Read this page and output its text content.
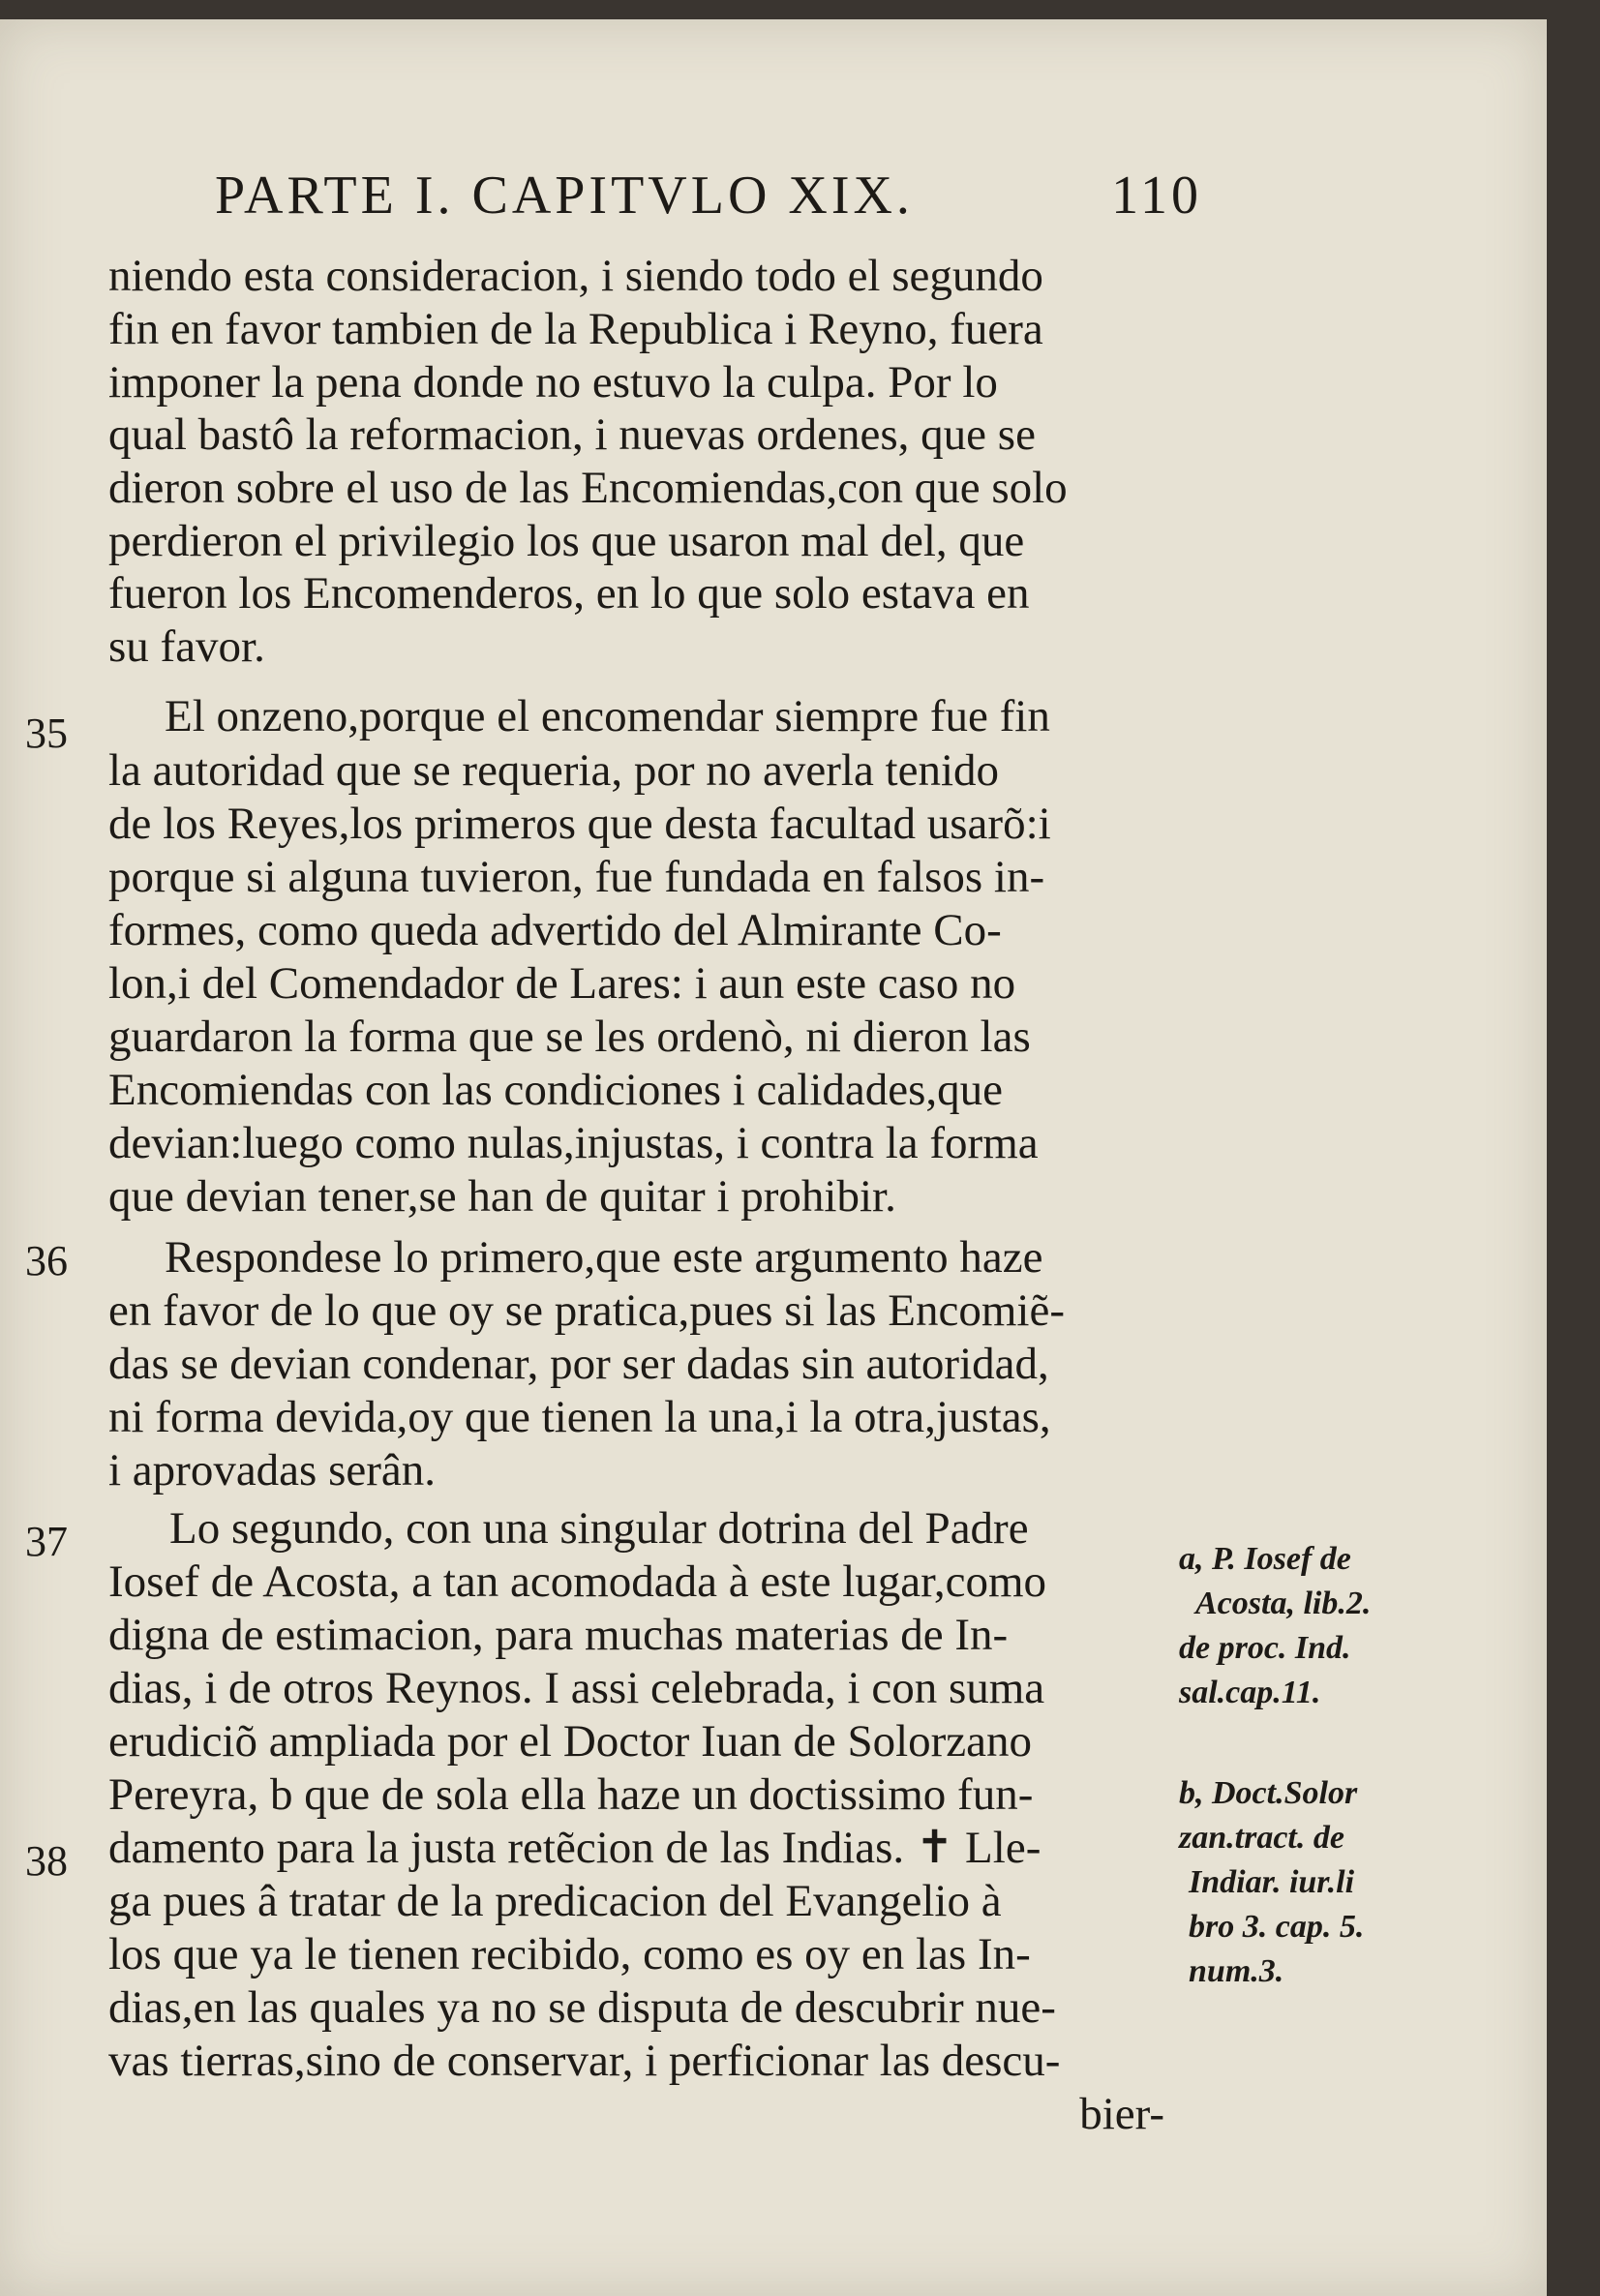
PARTE I. CAPITVLO XIX.	110
35
36
37
38
niendo esta consideracion, i siendo todo el segundo
fin en favor tambien de la Republica i Reyno, fuera
imponer la pena donde no estuvo la culpa. Por lo
qual bastô la reformacion, i nuevas ordenes, que se
dieron sobre el uso de las Encomiendas,con que solo
perdieron el privilegio los que usaron mal del, que
fueron los Encomenderos, en lo que solo estava en
su favor.
El onzeno,porque el encomendar siempre fue fin
la autoridad que se requeria, por no averla tenido
de los Reyes,los primeros que desta facultad usarõ:i
porque si alguna tuvieron, fue fundada en falsos in-
formes, como queda advertido del Almirante Co-
lon,i del Comendador de Lares: i aun este caso no
guardaron la forma que se les ordenò, ni dieron las
Encomiendas con las condiciones i calidades,que
devian:luego como nulas,injustas, i contra la forma
que devian tener,se han de quitar i prohibir.
Respondese lo primero,que este argumento haze
en favor de lo que oy se pratica,pues si las Encomiẽ-
das se devian condenar, por ser dadas sin autoridad,
ni forma devida,oy que tienen la una,i la otra,justas,
i aprovadas serân.
Lo segundo, con una singular dotrina del Padre
Iosef de Acosta, a tan acomodada à este lugar,como
digna de estimacion, para muchas materias de In-
dias, i de otros Reynos. I assi celebrada, i con suma
erudiciõ ampliada por el Doctor Iuan de Solorzano
Pereyra, b que de sola ella haze un doctissimo fun-
damento para la justa retẽcion de las Indias. ✝ Lle-
ga pues â tratar de la predicacion del Evangelio à
los que ya le tienen recibido, como es oy en las In-
dias,en las quales ya no se disputa de descubrir nue-
vas tierras,sino de conservar, i perficionar las descu-
bier-
a, P. Iosef de
Acosta, lib.2.
de proc. Ind.
sal.cap.11.
b, Doct.Solor
zan.tract. de
Indiar. iur.li
bro 3. cap. 5.
num.3.
